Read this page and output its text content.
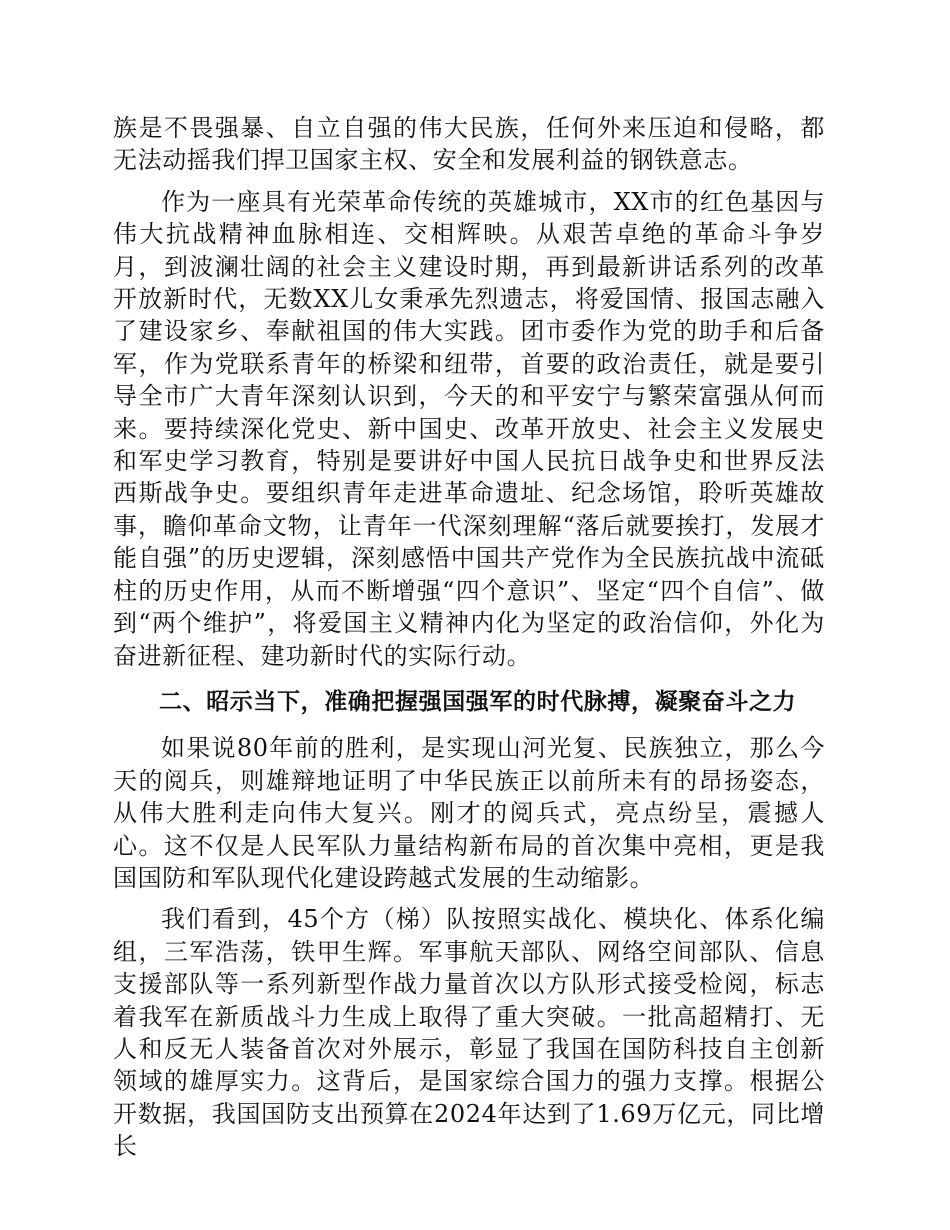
族是不畏强暴、自立自强的伟大民族，任何外来压迫和侵略，都无法动摇我们捍卫国家主权、安全和发展利益的钢铁意志。

作为一座具有光荣革命传统的英雄城市，XX市的红色基因与伟大抗战精神血脉相连、交相辉映。从艰苦卓绝的革命斗争岁月，到波澜壮阔的社会主义建设时期，再到最新讲话系列的改革开放新时代，无数XX儿女秉承先烈遗志，将爱国情、报国志融入了建设家乡、奉献祖国的伟大实践。团市委作为党的助手和后备军，作为党联系青年的桥梁和纽带，首要的政治责任，就是要引导全市广大青年深刻认识到，今天的和平安宁与繁荣富强从何而来。要持续深化党史、新中国史、改革开放史、社会主义发展史和军史学习教育，特别是要讲好中国人民抗日战争史和世界反法西斯战争史。要组织青年走进革命遗址、纪念场馆，聆听英雄故事，瞻仰革命文物，让青年一代深刻理解“落后就要挨打，发展才能自强”的历史逻辑，深刻感悟中国共产党作为全民族抗战中流砥柱的历史作用，从而不断增强“四个意识”、坚定“四个自信”、做到“两个维护”，将爱国主义精神内化为坚定的政治信仰，外化为奋进新征程、建功新时代的实际行动。

二、昭示当下，准确把握强国强军的时代脉搏，凝聚奋斗之力

如果说80年前的胜利，是实现山河光复、民族独立，那么今天的阅兵，则雄辩地证明了中华民族正以前所未有的昂扬姿态，从伟大胜利走向伟大复兴。刚才的阅兵式，亮点纷呈，震撼人心。这不仅是人民军队力量结构新布局的首次集中亮相，更是我国国防和军队现代化建设跨越式发展的生动缩影。

我们看到，45个方（梯）队按照实战化、模块化、体系化编组，三军浩荡，铁甲生辉。军事航天部队、网络空间部队、信息支援部队等一系列新型作战力量首次以方队形式接受检阅，标志着我军在新质战斗力生成上取得了重大突破。一批高超精打、无人和反无人装备首次对外展示，彰显了我国在国防科技自主创新领域的雄厚实力。这背后，是国家综合国力的强力支撑。根据公开数据，我国国防支出预算在2024年达到了1.69万亿元，同比增长
